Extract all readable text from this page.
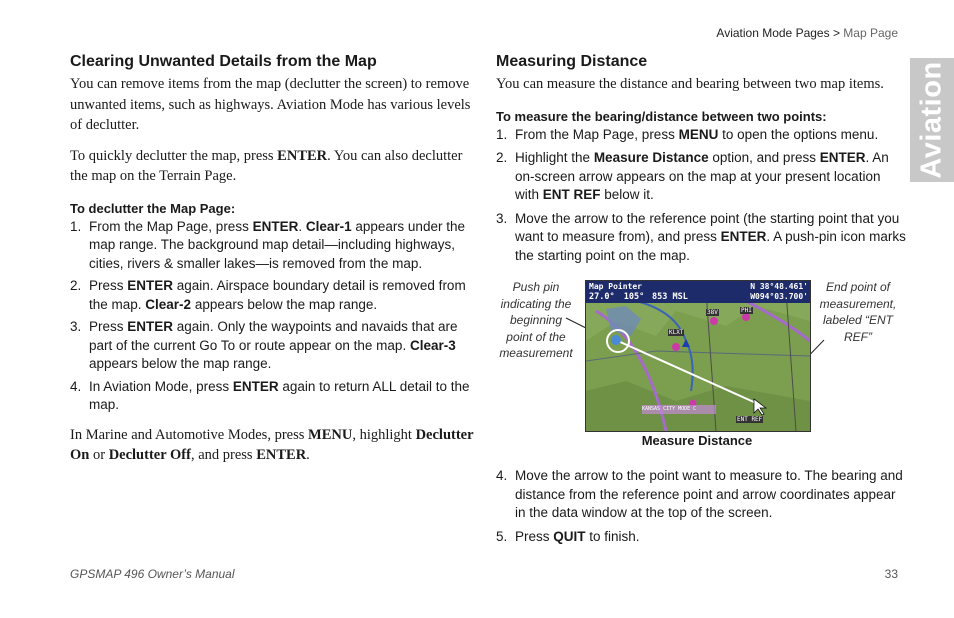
Aviation Mode Pages > Map Page
Aviation
Clearing Unwanted Details from the Map

You can remove items from the map (declutter the screen) to remove unwanted items, such as highways. Aviation Mode has various levels of declutter.

To quickly declutter the map, press ENTER. You can also declutter the map on the Terrain Page.

To declutter the Map Page:

1. From the Map Page, press ENTER. Clear-1 appears under the map range. The background map detail—including highways, cities, rivers & smaller lakes—is removed from the map.
2. Press ENTER again. Airspace boundary detail is removed from the map. Clear-2 appears below the map range.
3. Press ENTER again. Only the waypoints and navaids that are part of the current Go To or route appear on the map. Clear-3 appears below the map range.
4. In Aviation Mode, press ENTER again to return ALL detail to the map.

In Marine and Automotive Modes, press MENU, highlight Declutter On or Declutter Off, and press ENTER.

Measuring Distance

You can measure the distance and bearing between two map items.

To measure the bearing/distance between two points:

1. From the Map Page, press MENU to open the options menu.
2. Highlight the Measure Distance option, and press ENTER. An on-screen arrow appears on the map at your present location with ENT REF below it.
3. Move the arrow to the reference point (the starting point that you want to measure from), and press ENTER. A push-pin icon marks the starting point on the map.
Push pin indicating the beginning point of the measurement
End point of measurement, labeled “ENT REF”
Map Pointer
27.0° 105° 853 MSL
N 38°48.461'
W094°03.700'
KLXT
38V	PHI
KANSAS CITY MODE C
ENT REF
Measure Distance
4. Move the arrow to the point want to measure to. The bearing and distance from the reference point and arrow coordinates appear in the data window at the top of the screen.
5. Press QUIT to finish.
GPSMAP 496 Owner’s Manual	33
